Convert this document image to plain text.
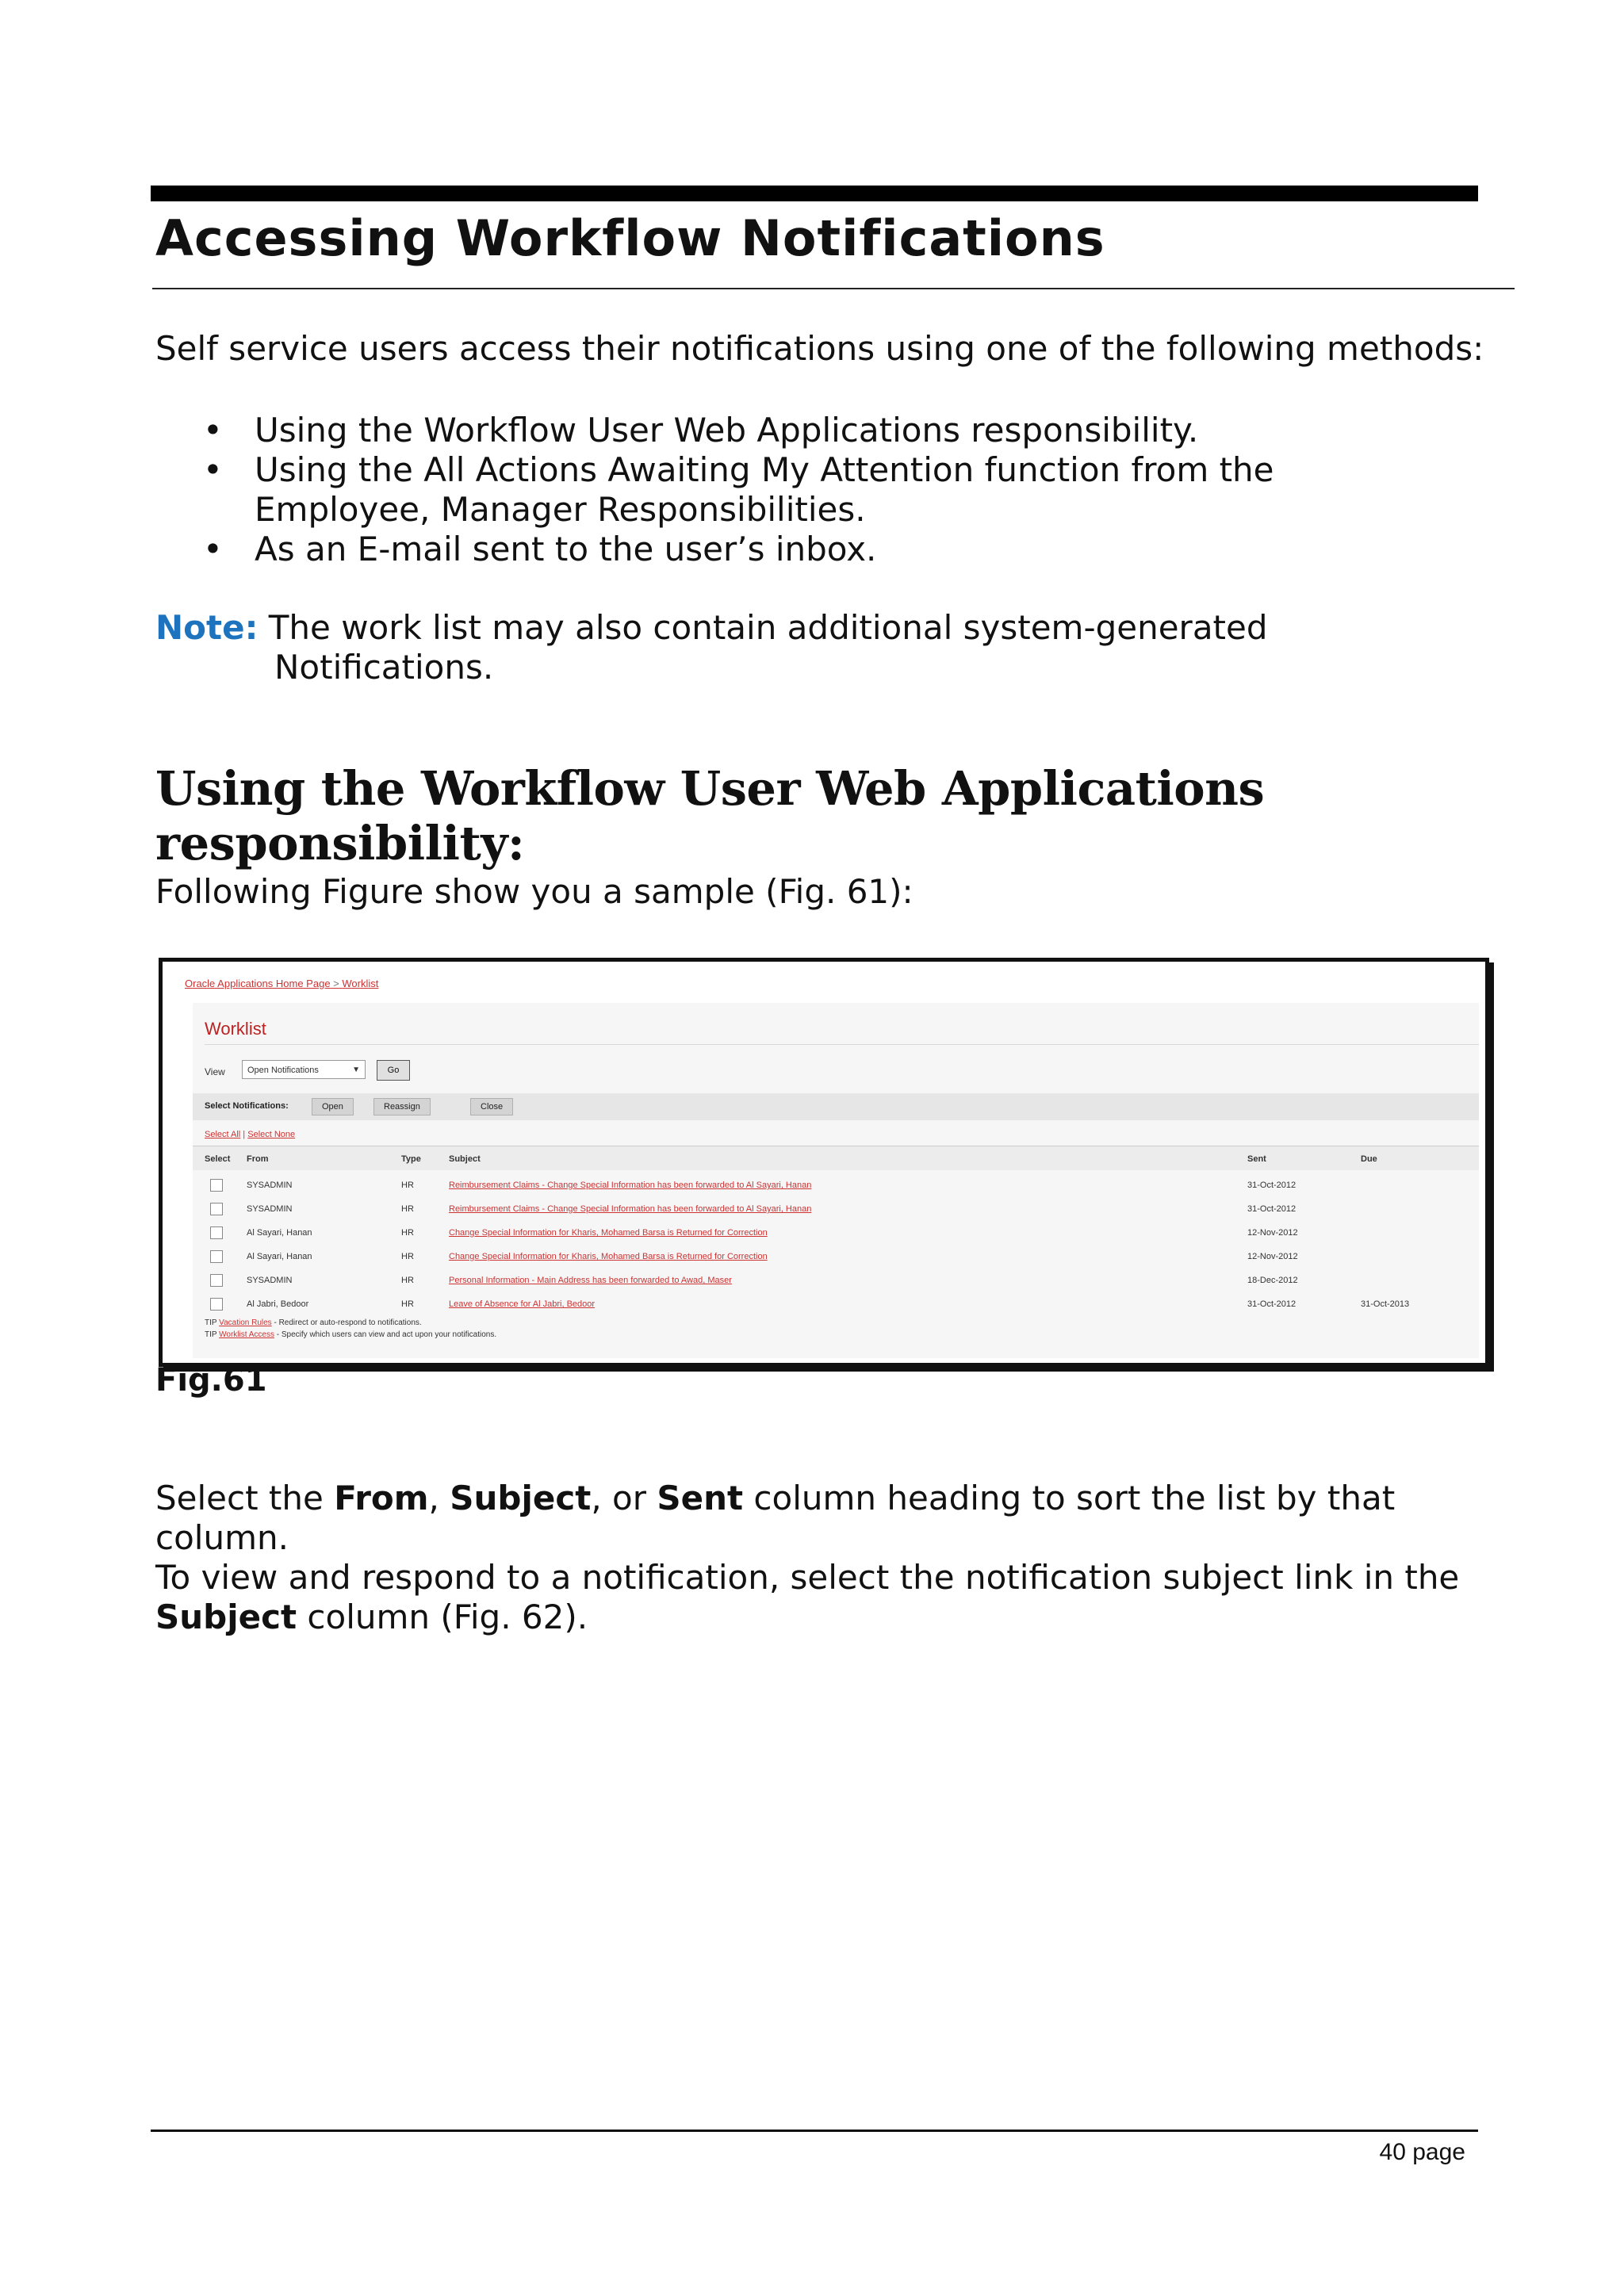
Accessing Workflow Notifications

Self service users access their notifications using one of the following methods:

• Using the Workflow User Web Applications responsibility.
• Using the All Actions Awaiting My Attention function from the Employee, Manager Responsibilities.
• As an E-mail sent to the user’s inbox.

Note: The work list may also contain additional system-generated
Notifications.

Using the Workflow User Web Applications responsibility:

Following Figure show you a sample (Fig. 61):

Oracle Applications Home Page > Worklist
Worklist
View	Open Notifications	▼	Go
Select Notifications:	Open	Reassign	Close
Select All | Select None
Select From	Type	Subject	Sent	Due
SYSADMIN	HR	Reimbursement Claims - Change Special Information has been forwarded to Al Sayari, Hanan	31-Oct-2012
SYSADMIN	HR	Reimbursement Claims - Change Special Information has been forwarded to Al Sayari, Hanan	31-Oct-2012
Al Sayari, Hanan	HR	Change Special Information for Kharis, Mohamed Barsa is Returned for Correction	12-Nov-2012
Al Sayari, Hanan	HR	Change Special Information for Kharis, Mohamed Barsa is Returned for Correction	12-Nov-2012
SYSADMIN	HR	Personal Information - Main Address has been forwarded to Awad, Maser	18-Dec-2012
Al Jabri, Bedoor	HR	Leave of Absence for Al Jabri, Bedoor	31-Oct-2012	31-Oct-2013
TIP Vacation Rules - Redirect or auto-respond to notifications.
TIP Worklist Access - Specify which users can view and act upon your notifications.

Fig.61

Select the From, Subject, or Sent column heading to sort the list by that column.
To view and respond to a notification, select the notification subject link in the Subject column (Fig. 62).

40 page
